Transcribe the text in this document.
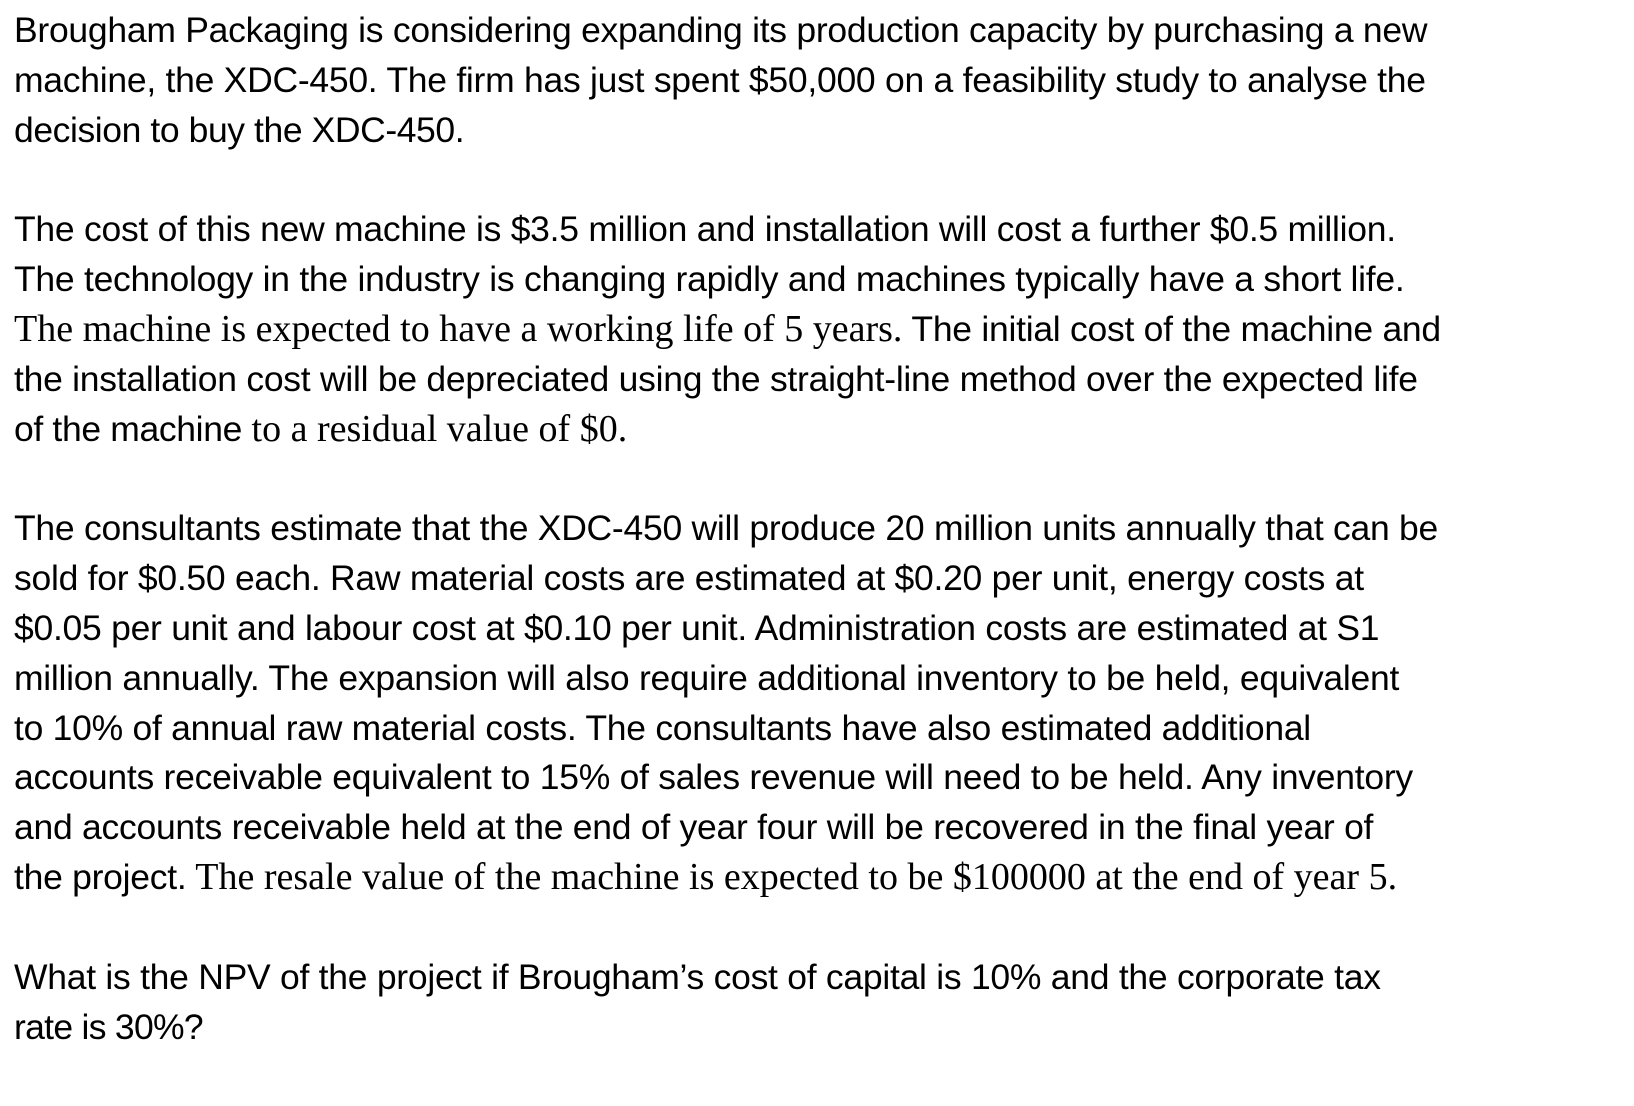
Brougham Packaging is considering expanding its production capacity by purchasing a new
machine, the XDC-450. The firm has just spent $50,000 on a feasibility study to analyse the
decision to buy the XDC-450.
The cost of this new machine is $3.5 million and installation will cost a further $0.5 million.
The technology in the industry is changing rapidly and machines typically have a short life.
The machine is expected to have a working life of 5 years. The initial cost of the machine and
the installation cost will be depreciated using the straight-line method over the expected life
of the machine to a residual value of $0.
The consultants estimate that the XDC-450 will produce 20 million units annually that can be
sold for $0.50 each. Raw material costs are estimated at $0.20 per unit, energy costs at
$0.05 per unit and labour cost at $0.10 per unit. Administration costs are estimated at S1
million annually. The expansion will also require additional inventory to be held, equivalent
to 10% of annual raw material costs. The consultants have also estimated additional
accounts receivable equivalent to 15% of sales revenue will need to be held. Any inventory
and accounts receivable held at the end of year four will be recovered in the final year of
the project. The resale value of the machine is expected to be $100000 at the end of year 5.
What is the NPV of the project if Brougham’s cost of capital is 10% and the corporate tax
rate is 30%?
